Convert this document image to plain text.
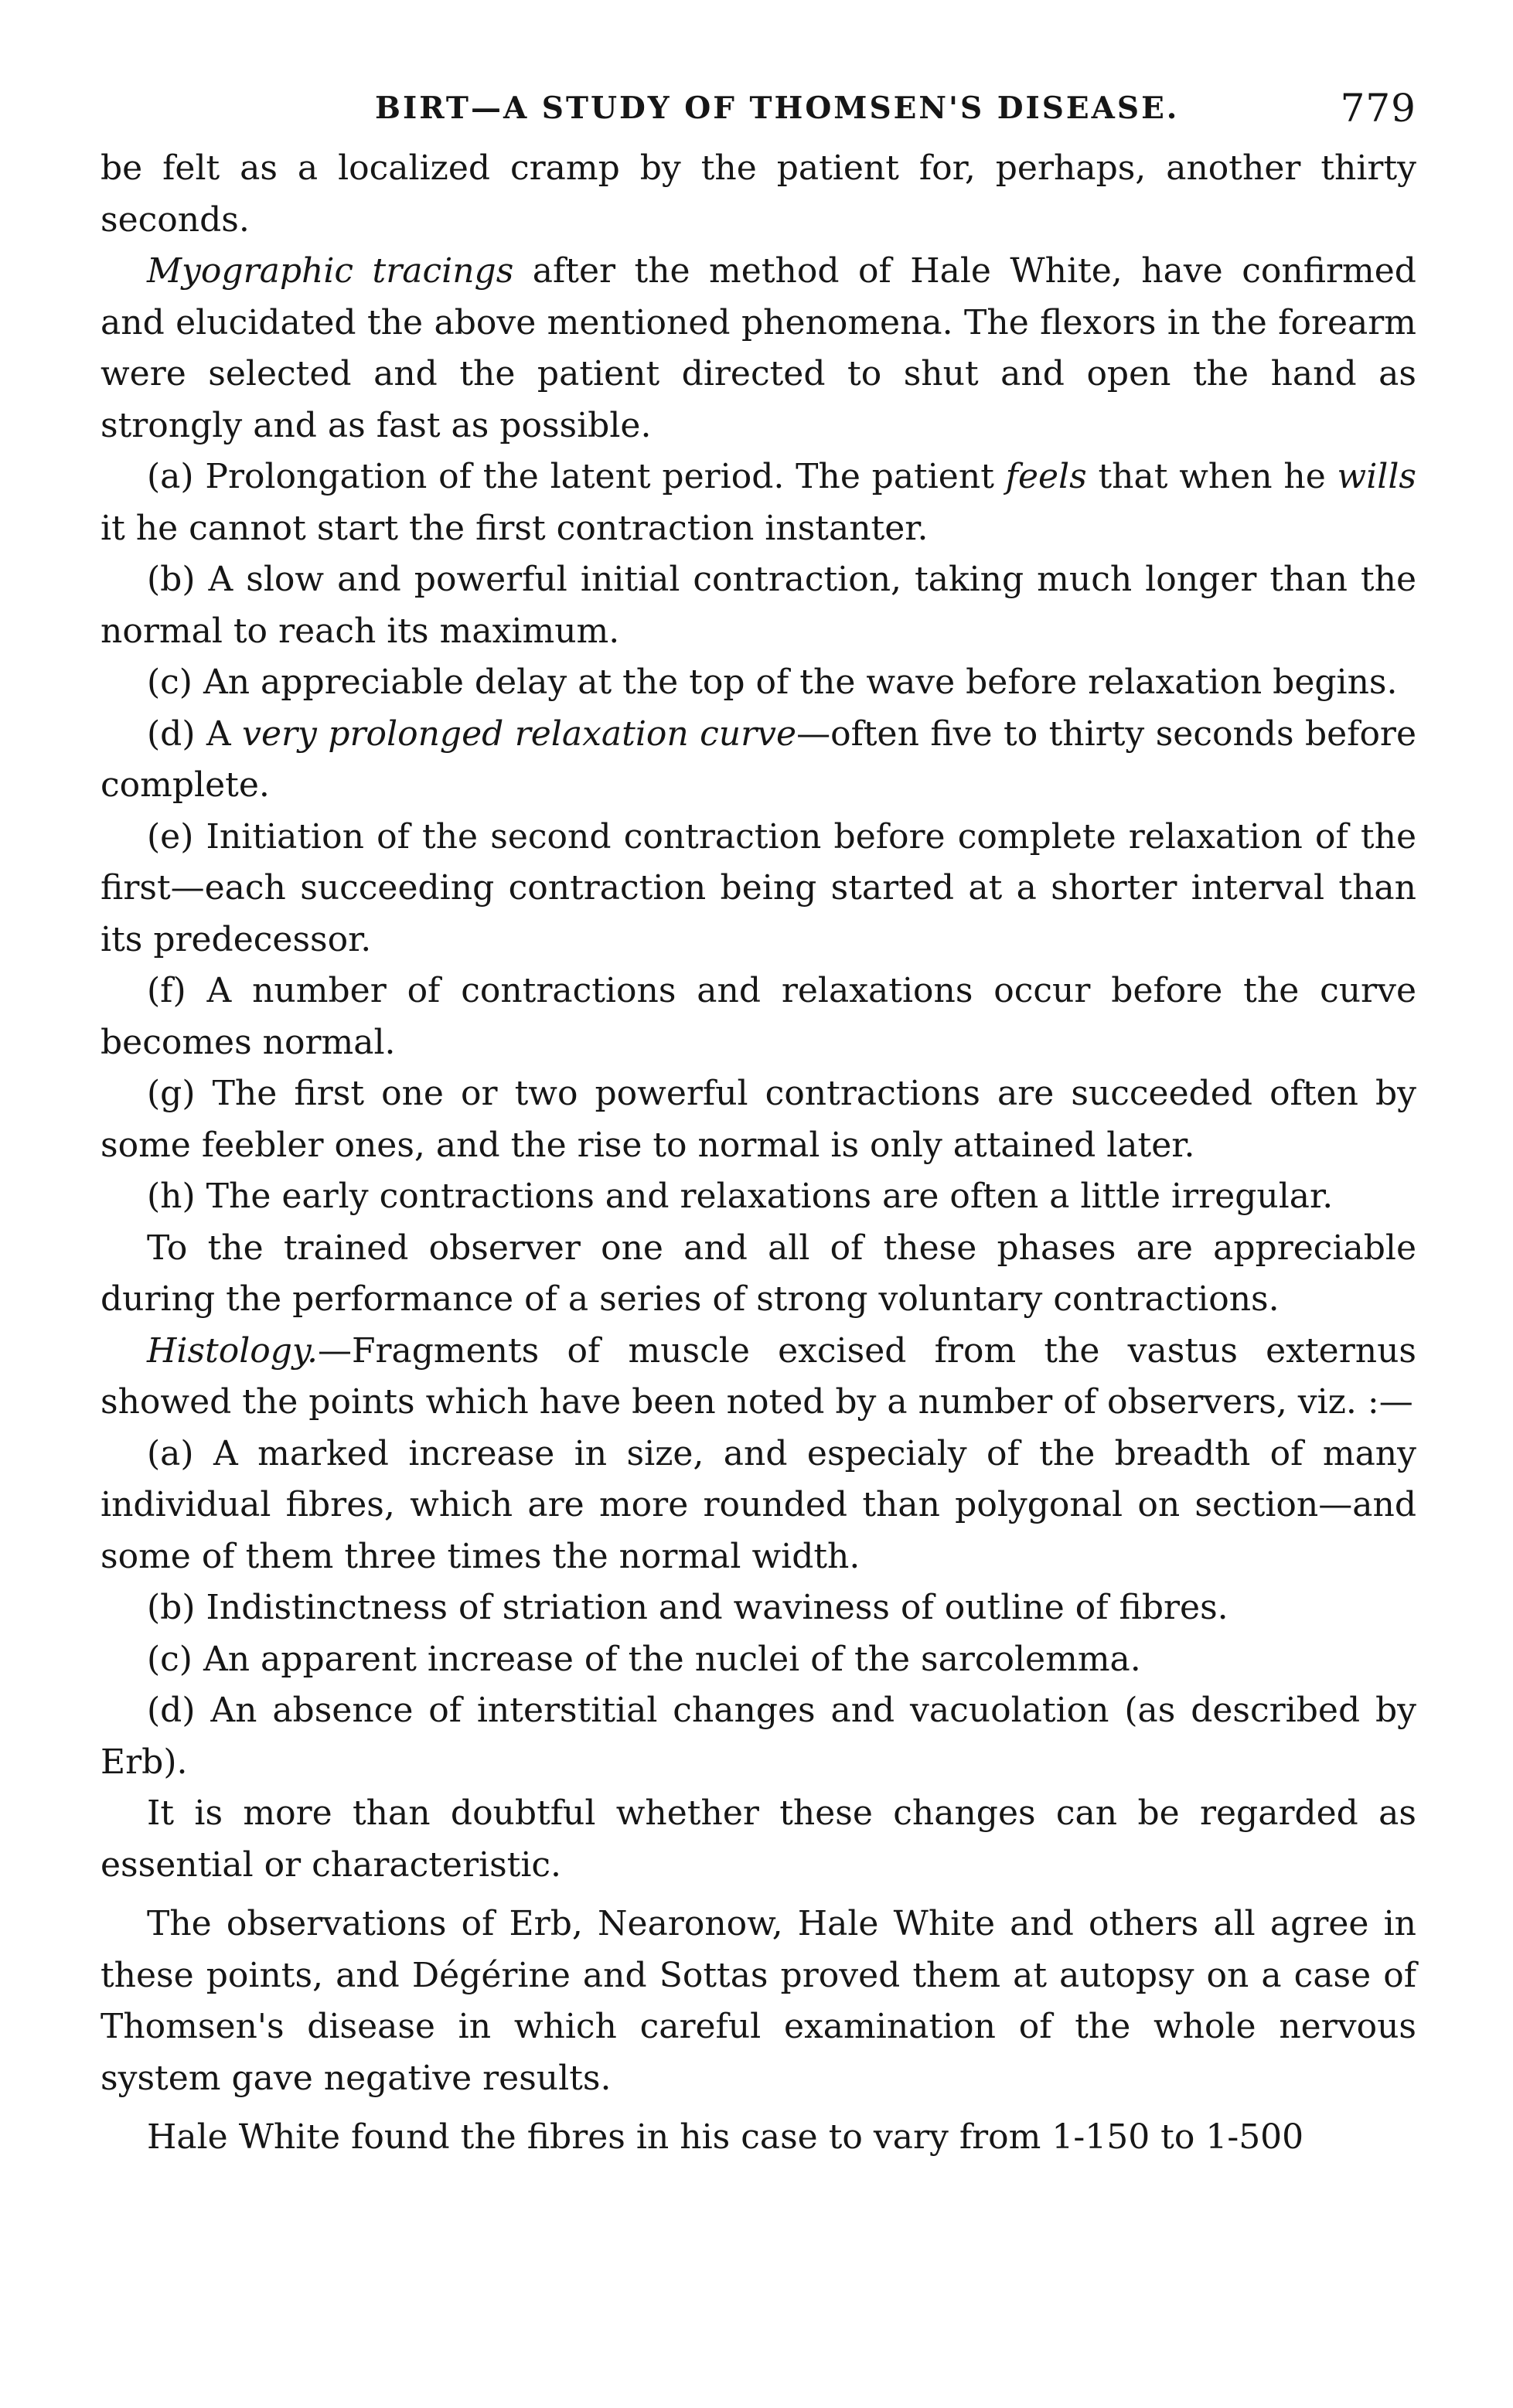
BIRT—A STUDY OF THOMSEN'S DISEASE.	779

be felt as a localized cramp by the patient for, perhaps, another thirty seconds.

Myographic tracings after the method of Hale White, have confirmed and elucidated the above mentioned phenomena. The flexors in the forearm were selected and the patient directed to shut and open the hand as strongly and as fast as possible.

(a) Prolongation of the latent period. The patient feels that when he wills it he cannot start the first contraction instanter.

(b) A slow and powerful initial contraction, taking much longer than the normal to reach its maximum.

(c) An appreciable delay at the top of the wave before relaxation begins.

(d) A very prolonged relaxation curve—often five to thirty seconds before complete.

(e) Initiation of the second contraction before complete relaxation of the first—each succeeding contraction being started at a shorter interval than its predecessor.

(f) A number of contractions and relaxations occur before the curve becomes normal.

(g) The first one or two powerful contractions are succeeded often by some feebler ones, and the rise to normal is only attained later.

(h) The early contractions and relaxations are often a little irregular.

To the trained observer one and all of these phases are appreciable during the performance of a series of strong voluntary contractions.

Histology.—Fragments of muscle excised from the vastus externus showed the points which have been noted by a number of observers, viz. :—

(a) A marked increase in size, and especialy of the breadth of many individual fibres, which are more rounded than polygonal on section—and some of them three times the normal width.

(b) Indistinctness of striation and waviness of outline of fibres.

(c) An apparent increase of the nuclei of the sarcolemma.

(d) An absence of interstitial changes and vacuolation (as described by Erb).

It is more than doubtful whether these changes can be regarded as essential or characteristic.

The observations of Erb, Nearonow, Hale White and others all agree in these points, and Dégérine and Sottas proved them at autopsy on a case of Thomsen's disease in which careful examination of the whole nervous system gave negative results.

Hale White found the fibres in his case to vary from 1-150 to 1-500
